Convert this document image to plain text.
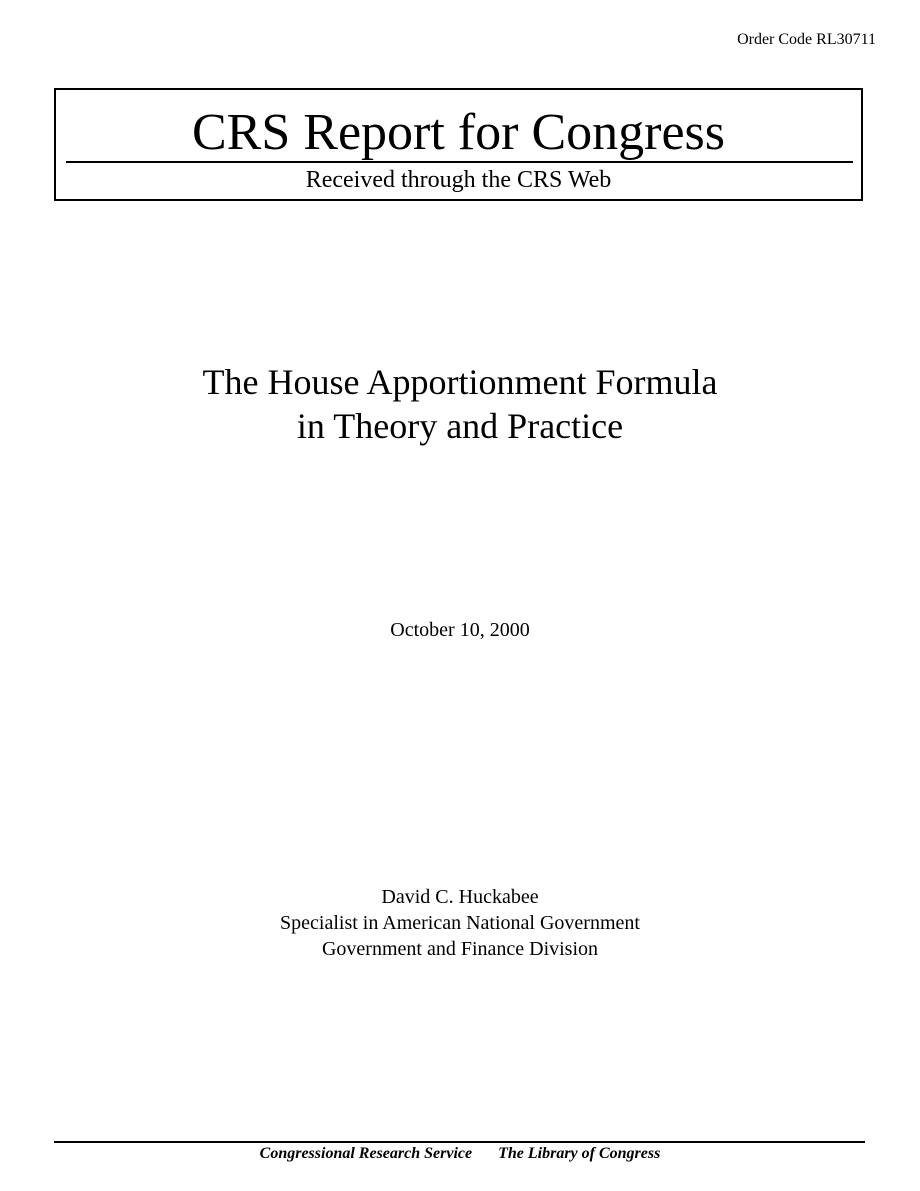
Order Code RL30711
CRS Report for Congress
Received through the CRS Web
The House Apportionment Formula
in Theory and Practice
October 10, 2000
David C. Huckabee
Specialist in American National Government
Government and Finance Division
Congressional Research Service The Library of Congress
